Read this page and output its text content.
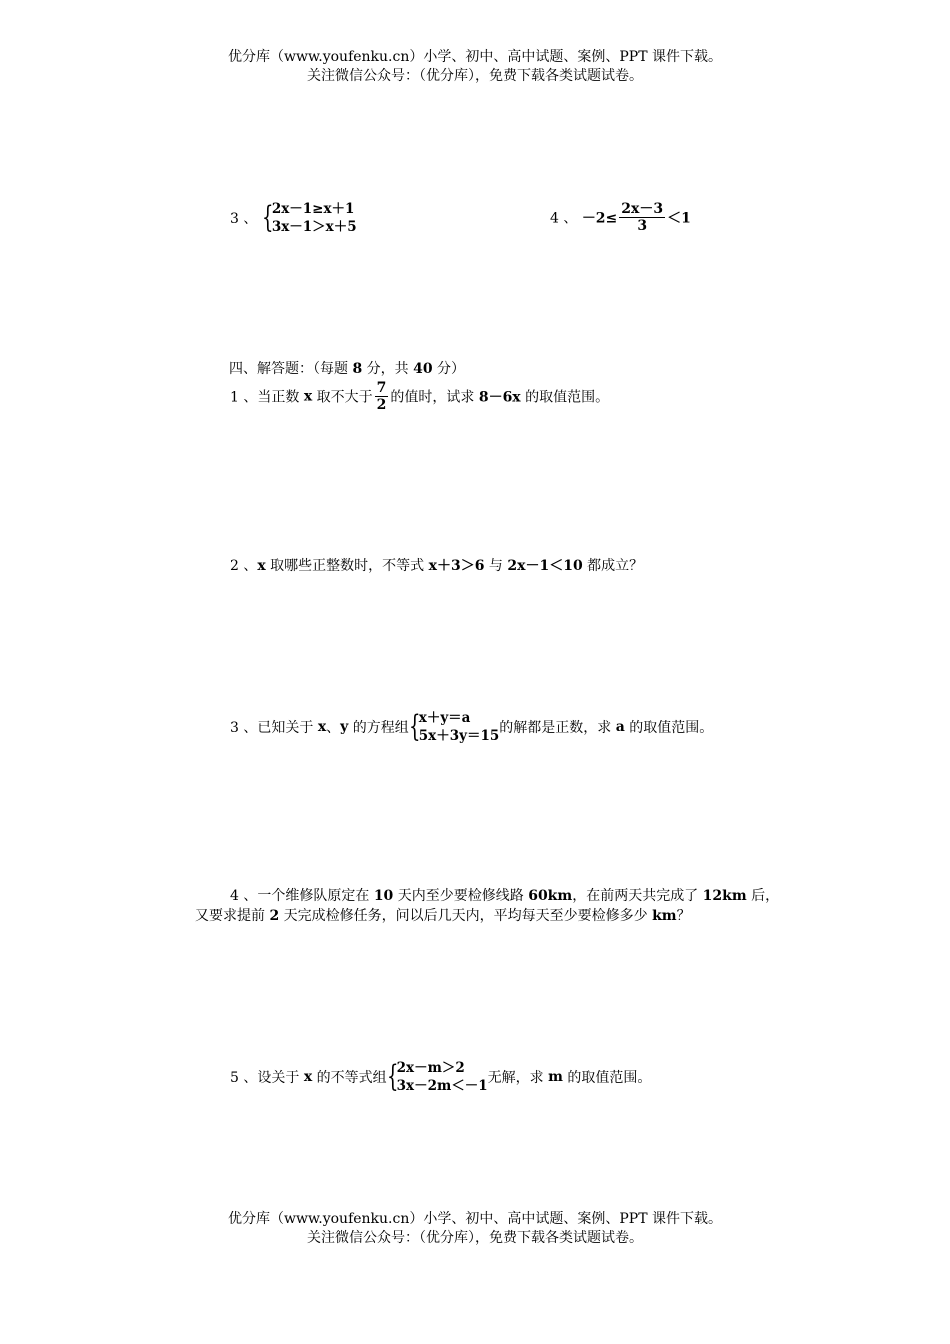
优分库（www.youfenku.cn）小学、初中、高中试题、案例、PPT 课件下载。
关注微信公众号：（优分库），免费下载各类试题试卷。
3 、 {
2x－1≥x＋1
3x－1＞x＋5
4 、 $-2\le \frac{2x-3}{3} <1$
四、解答题：（每题 8 分，共 40 分）
1 、当正数 x 取不大于 $\frac{7}{2}$ 的值时，试求 8－6x 的取值范围。
2 、x 取哪些正整数时，不等式 x＋3＞6 与 2x－1＜10 都成立？
3 、已知关于 x、y 的方程组 {
x＋y＝a
5x＋3y＝15 的解都是正数，求 a 的取值范围。
4 、一个维修队原定在 10 天内至少要检修线路 60km，在前两天共完成了 12km 后，
又要求提前 2 天完成检修任务，问以后几天内，平均每天至少要检修多少 km？
5 、设关于 x 的不等式组 {
2x－m＞2
3x－2m＜－1 无解，求 m 的取值范围。
优分库（www.youfenku.cn）小学、初中、高中试题、案例、PPT 课件下载。
关注微信公众号：（优分库），免费下载各类试题试卷。
